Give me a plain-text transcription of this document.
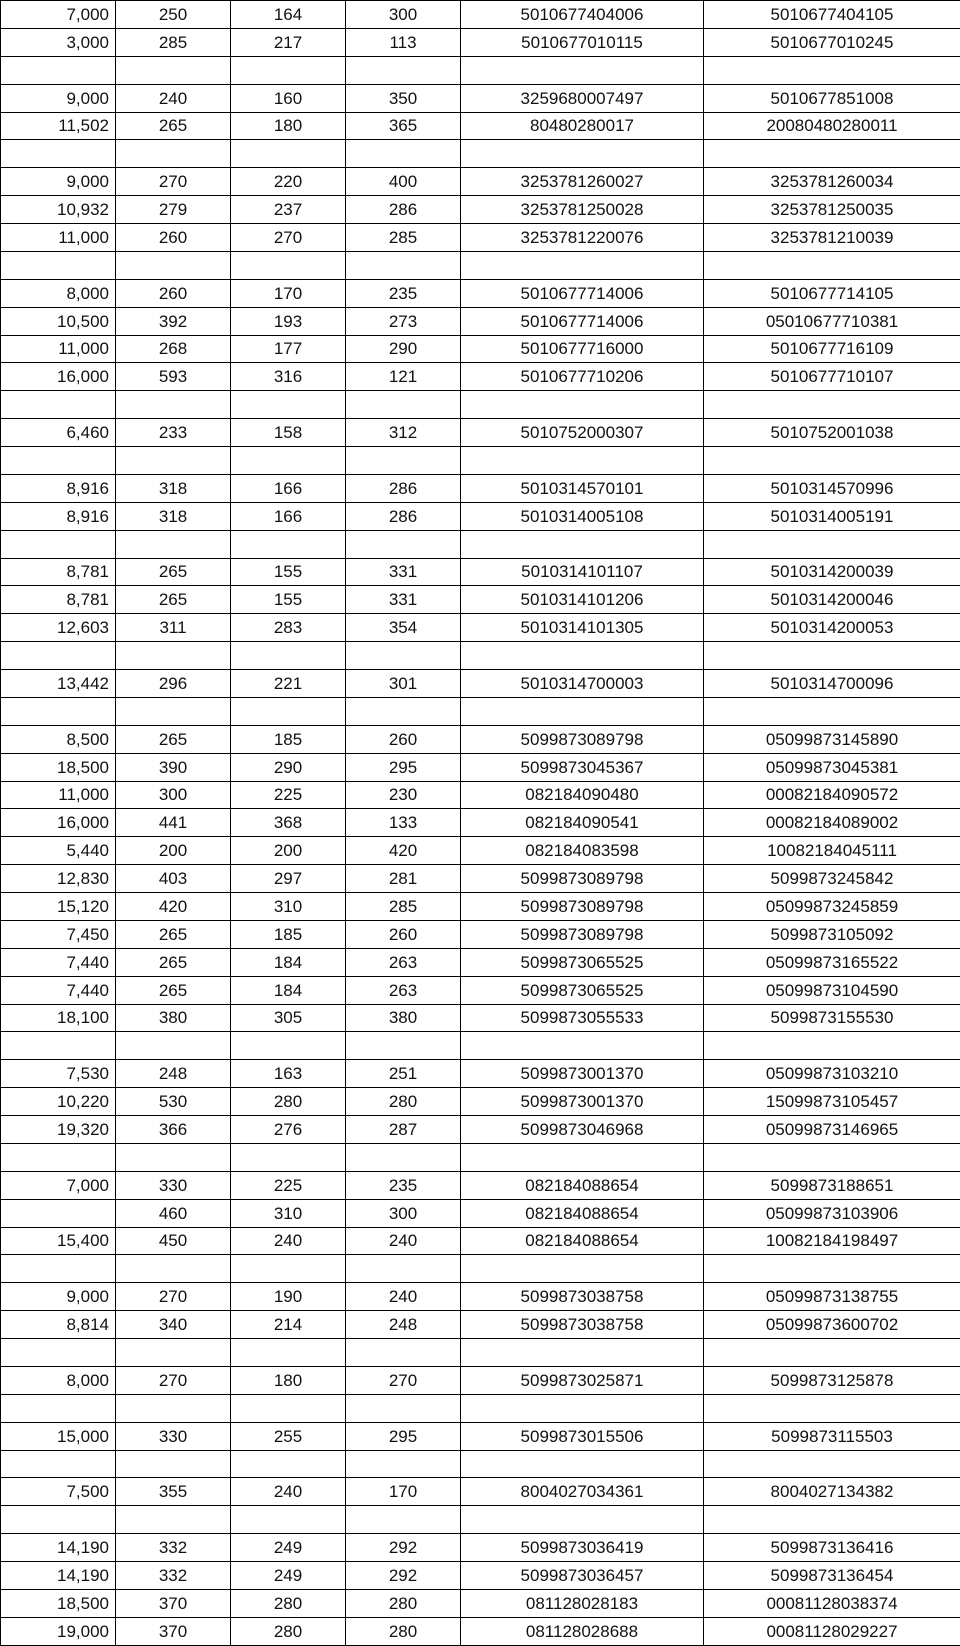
7,000	250	164	300	5010677404006	5010677404105
3,000	285	217	113	5010677010115	5010677010245

9,000	240	160	350	3259680007497	5010677851008
11,502	265	180	365	80480280017	20080480280011

9,000	270	220	400	3253781260027	3253781260034
10,932	279	237	286	3253781250028	3253781250035
11,000	260	270	285	3253781220076	3253781210039

8,000	260	170	235	5010677714006	5010677714105
10,500	392	193	273	5010677714006	05010677710381
11,000	268	177	290	5010677716000	5010677716109
16,000	593	316	121	5010677710206	5010677710107

6,460	233	158	312	5010752000307	5010752001038

8,916	318	166	286	5010314570101	5010314570996
8,916	318	166	286	5010314005108	5010314005191

8,781	265	155	331	5010314101107	5010314200039
8,781	265	155	331	5010314101206	5010314200046
12,603	311	283	354	5010314101305	5010314200053

13,442	296	221	301	5010314700003	5010314700096

8,500	265	185	260	5099873089798	05099873145890
18,500	390	290	295	5099873045367	05099873045381
11,000	300	225	230	082184090480	00082184090572
16,000	441	368	133	082184090541	00082184089002
5,440	200	200	420	082184083598	10082184045111
12,830	403	297	281	5099873089798	5099873245842
15,120	420	310	285	5099873089798	05099873245859
7,450	265	185	260	5099873089798	5099873105092
7,440	265	184	263	5099873065525	05099873165522
7,440	265	184	263	5099873065525	05099873104590
18,100	380	305	380	5099873055533	5099873155530

7,530	248	163	251	5099873001370	05099873103210
10,220	530	280	280	5099873001370	15099873105457
19,320	366	276	287	5099873046968	05099873146965

7,000	330	225	235	082184088654	5099873188651
	460	310	300	082184088654	05099873103906
15,400	450	240	240	082184088654	10082184198497

9,000	270	190	240	5099873038758	05099873138755
8,814	340	214	248	5099873038758	05099873600702

8,000	270	180	270	5099873025871	5099873125878

15,000	330	255	295	5099873015506	5099873115503

7,500	355	240	170	8004027034361	8004027134382

14,190	332	249	292	5099873036419	5099873136416
14,190	332	249	292	5099873036457	5099873136454
18,500	370	280	280	081128028183	00081128038374
19,000	370	280	280	081128028688	00081128029227
